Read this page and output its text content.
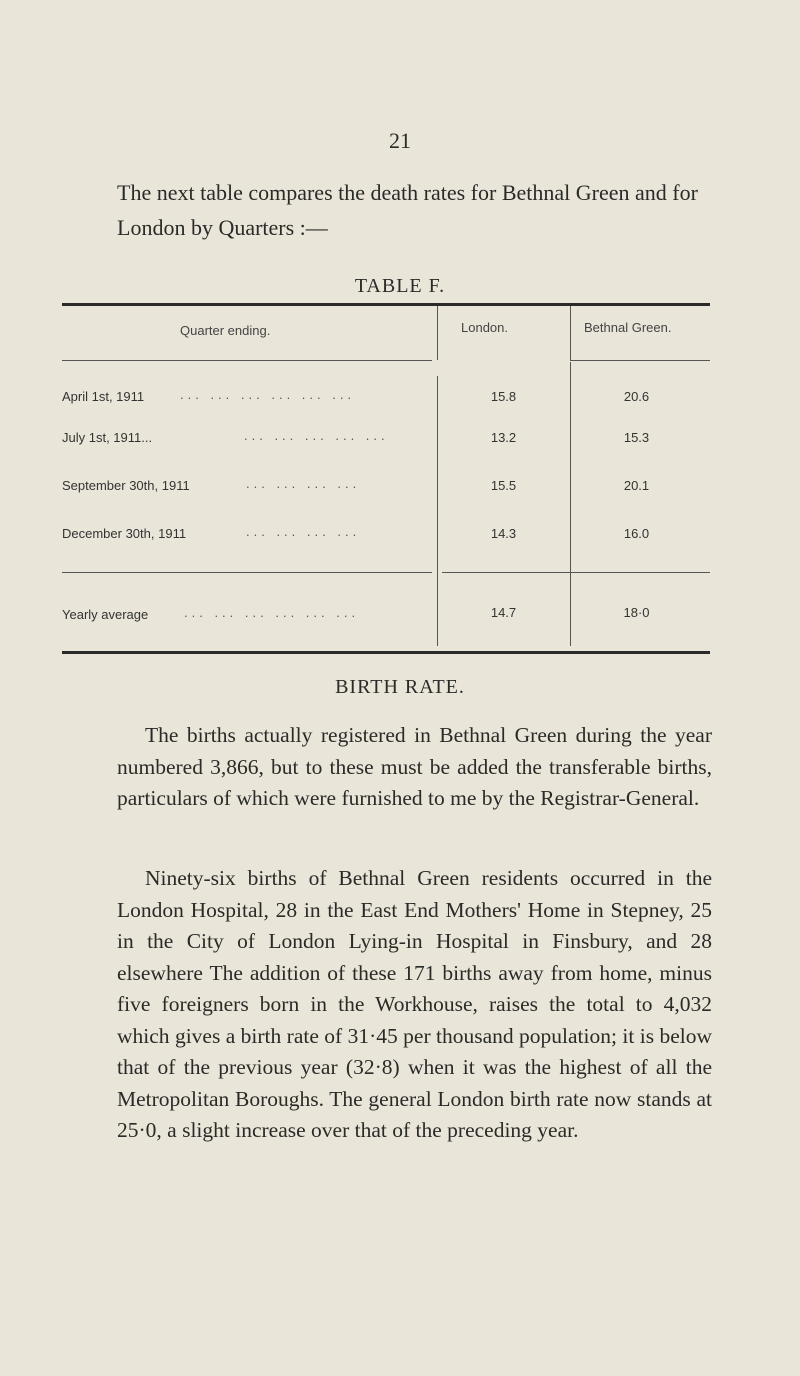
21

The next table compares the death rates for Bethnal Green and for London by Quarters :—

TABLE F.
Quarter ending.	London.	Bethnal Green.
April 1st, 1911	... ... ... ... ... ...	15.8	20.6
July 1st, 1911...	... ... ... ... ...	13.2	15.3
September 30th, 1911	... ... ... ...	15.5	20.1
December 30th, 1911	... ... ... ...	14.3	16.0
Yearly average	... ... ... ... ... ...	14.7	18·0
BIRTH RATE.

The births actually registered in Bethnal Green during the year numbered 3,866, but to these must be added the transferable births, particulars of which were furnished to me by the Registrar-General.

Ninety-six births of Bethnal Green residents occurred in the London Hospital, 28 in the East End Mothers' Home in Stepney, 25 in the City of London Lying-in Hospital in Finsbury, and 28 elsewhere The addition of these 171 births away from home, minus five foreigners born in the Workhouse, raises the total to 4,032 which gives a birth rate of 31·45 per thousand population; it is below that of the previous year (32·8) when it was the highest of all the Metropolitan Boroughs. The general London birth rate now stands at 25·0, a slight increase over that of the preceding year.
